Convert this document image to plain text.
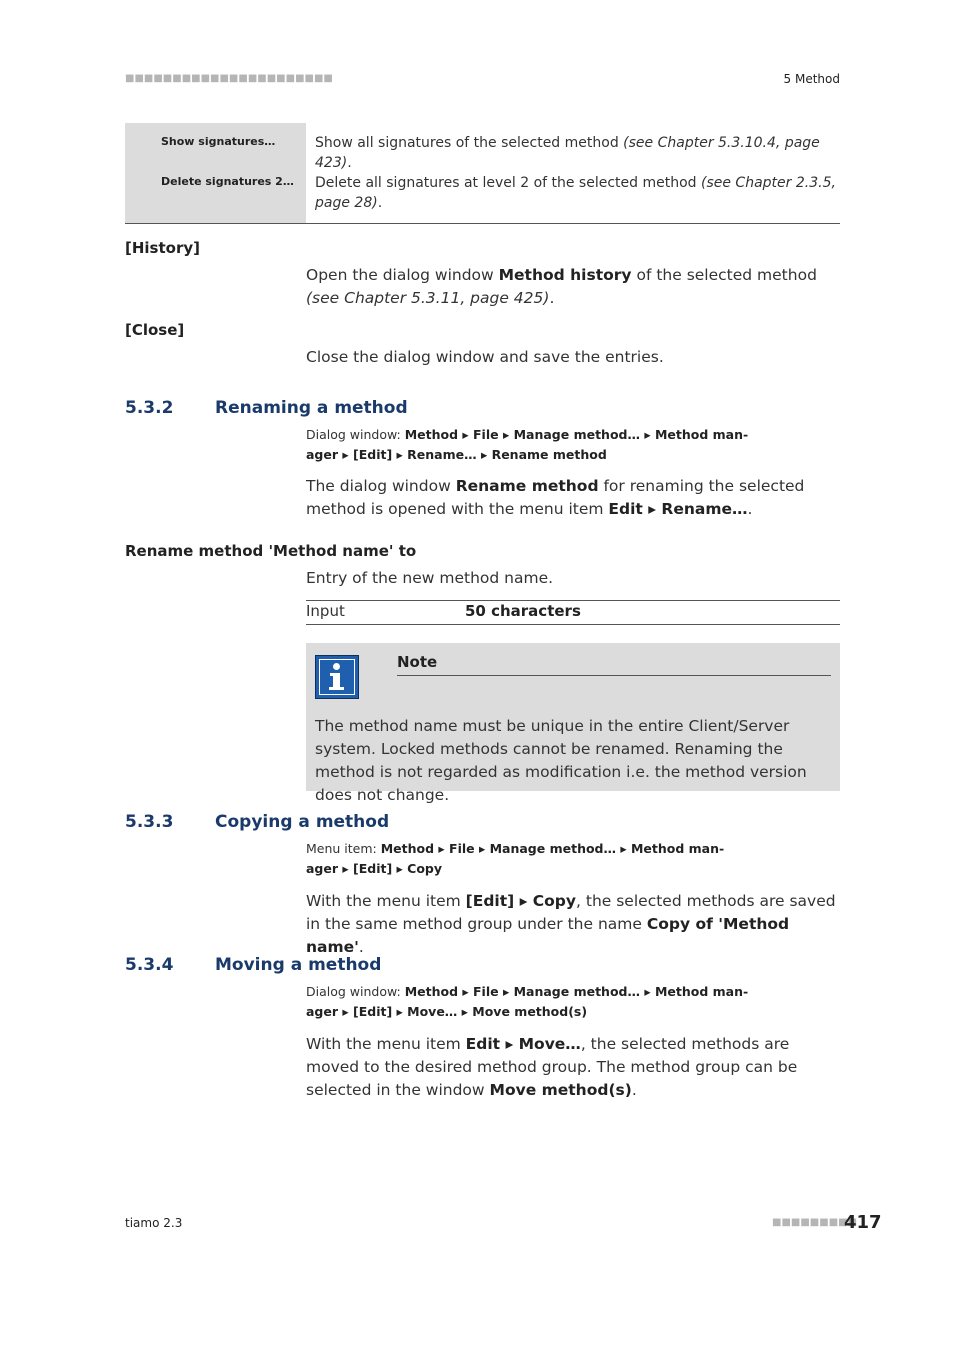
■■■■■■■■■■■■■■■■■■■■■■	5 Method
Show signatures…	Show all signatures of the selected method (see Chapter 5.3.10.4, page 423).
Delete signatures 2… Delete all signatures at level 2 of the selected method (see Chapter 2.3.5, page 28).
[History]
Open the dialog window Method history of the selected method (see Chapter 5.3.11, page 425).
[Close]
Close the dialog window and save the entries.
5.3.2 Renaming a method
Dialog window: Method ▸ File ▸ Manage method… ▸ Method man-
ager ▸ [Edit] ▸ Rename… ▸ Rename method
The dialog window Rename method for renaming the selected method is opened with the menu item Edit ▸ Rename….
Rename method 'Method name' to
Entry of the new method name.
Input	50 characters
Note
The method name must be unique in the entire Client/Server system. Locked methods cannot be renamed. Renaming the method is not regarded as modification i.e. the method version does not change.
5.3.3 Copying a method
Menu item: Method ▸ File ▸ Manage method… ▸ Method man-
ager ▸ [Edit] ▸ Copy
With the menu item [Edit] ▸ Copy, the selected methods are saved in the same method group under the name Copy of 'Method name'.
5.3.4 Moving a method
Dialog window: Method ▸ File ▸ Manage method… ▸ Method man-
ager ▸ [Edit] ▸ Move… ▸ Move method(s)
With the menu item Edit ▸ Move…, the selected methods are moved to the desired method group. The method group can be selected in the window Move method(s).
tiamo 2.3	■■■■■■■■■
417
